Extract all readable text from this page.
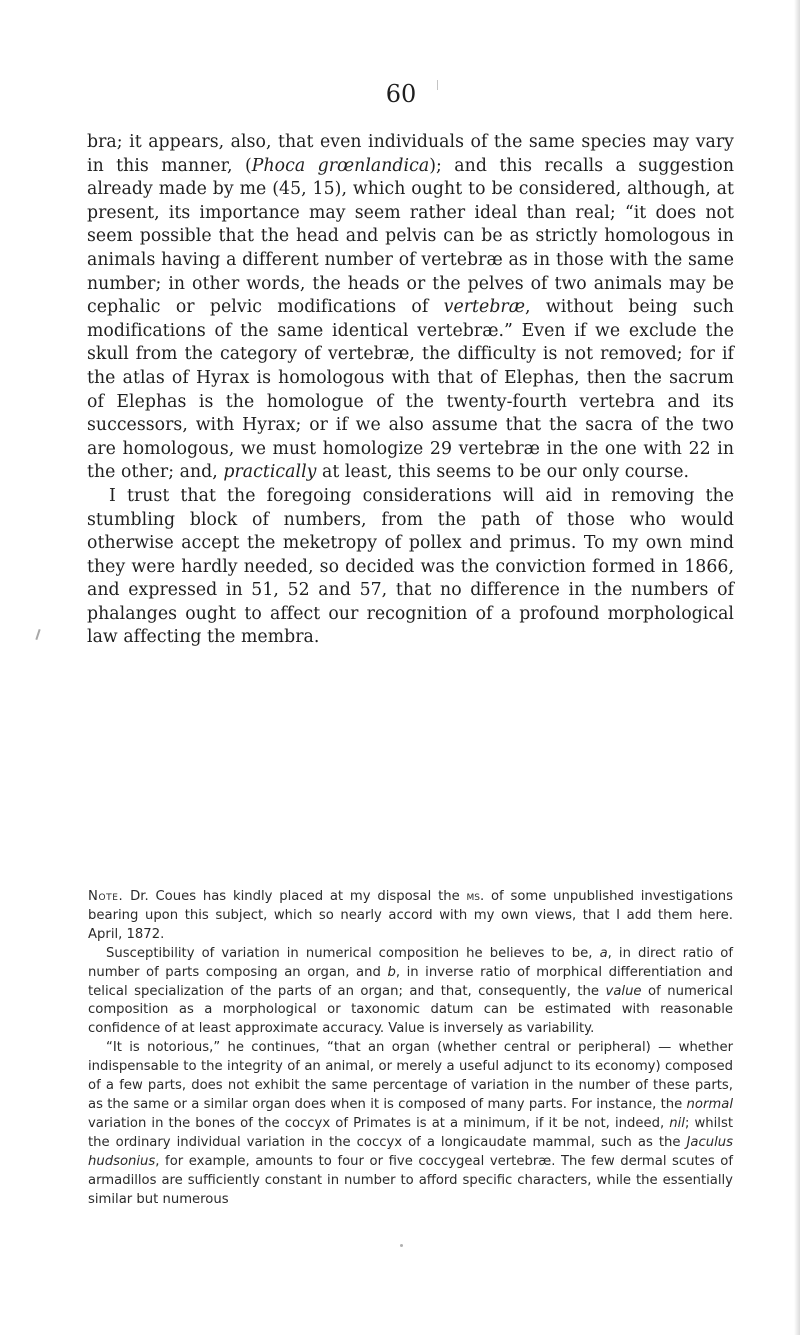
60

bra; it appears, also, that even individuals of the same species may vary in this manner, (Phoca grœnlandica); and this recalls a suggestion already made by me (45, 15), which ought to be considered, although, at present, its importance may seem rather ideal than real; “it does not seem possible that the head and pelvis can be as strictly homologous in animals having a different number of vertebræ as in those with the same number; in other words, the heads or the pelves of two animals may be cephalic or pelvic modifications of vertebræ, without being such modifications of the same identical vertebræ.” Even if we exclude the skull from the category of vertebræ, the difficulty is not removed; for if the atlas of Hyrax is homologous with that of Elephas, then the sacrum of Elephas is the homologue of the twenty-fourth vertebra and its successors, with Hyrax; or if we also assume that the sacra of the two are homologous, we must homologize 29 vertebræ in the one with 22 in the other; and, practically at least, this seems to be our only course.

I trust that the foregoing considerations will aid in removing the stumbling block of numbers, from the path of those who would otherwise accept the meketropy of pollex and primus. To my own mind they were hardly needed, so decided was the conviction formed in 1866, and expressed in 51, 52 and 57, that no difference in the numbers of phalanges ought to affect our recognition of a profound morphological law affecting the membra.

Note. Dr. Coues has kindly placed at my disposal the ms. of some unpublished investigations bearing upon this subject, which so nearly accord with my own views, that I add them here. April, 1872.

Susceptibility of variation in numerical composition he believes to be, a, in direct ratio of number of parts composing an organ, and b, in inverse ratio of morphical differentiation and telical specialization of the parts of an organ; and that, consequently, the value of numerical composition as a morphological or taxonomic datum can be estimated with reasonable confidence of at least approximate accuracy. Value is inversely as variability.

“It is notorious,” he continues, “that an organ (whether central or peripheral) — whether indispensable to the integrity of an animal, or merely a useful adjunct to its economy) composed of a few parts, does not exhibit the same percentage of variation in the number of these parts, as the same or a similar organ does when it is composed of many parts. For instance, the normal variation in the bones of the coccyx of Primates is at a minimum, if it be not, indeed, nil; whilst the ordinary individual variation in the coccyx of a longicaudate mammal, such as the Jaculus hudsonius, for example, amounts to four or five coccygeal vertebræ. The few dermal scutes of armadillos are sufficiently constant in number to afford specific characters, while the essentially similar but numerous
